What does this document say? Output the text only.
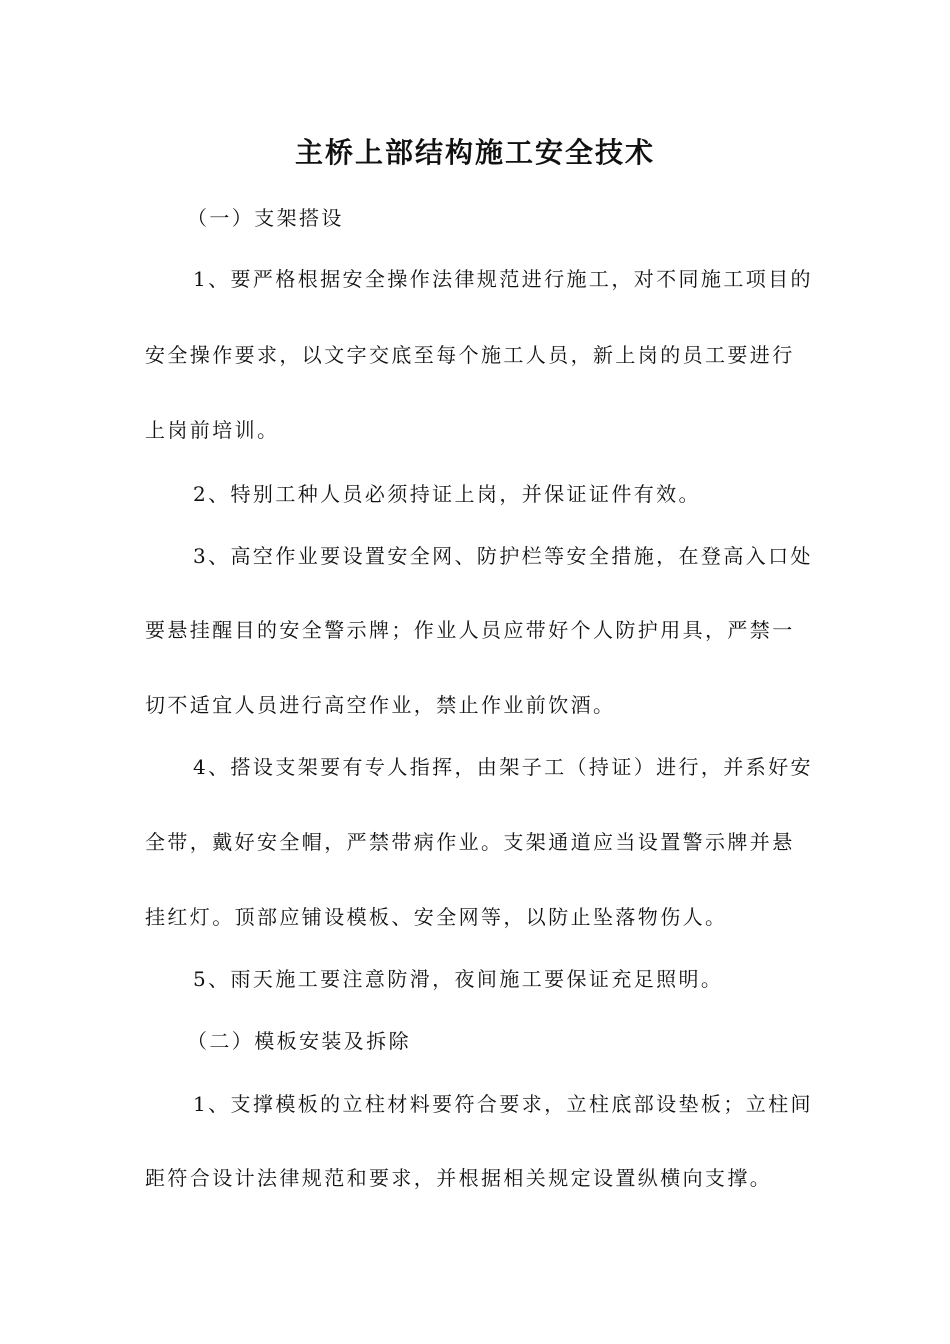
主桥上部结构施工安全技术

（一）支架搭设

1、要严格根据安全操作法律规范进行施工，对不同施工项目的

安全操作要求，以文字交底至每个施工人员，新上岗的员工要进行

上岗前培训。

2、特别工种人员必须持证上岗，并保证证件有效。

3、高空作业要设置安全网、防护栏等安全措施，在登高入口处

要悬挂醒目的安全警示牌；作业人员应带好个人防护用具，严禁一

切不适宜人员进行高空作业，禁止作业前饮酒。

4、搭设支架要有专人指挥，由架子工（持证）进行，并系好安

全带，戴好安全帽，严禁带病作业。支架通道应当设置警示牌并悬

挂红灯。顶部应铺设模板、安全网等，以防止坠落物伤人。

5、雨天施工要注意防滑，夜间施工要保证充足照明。

（二）模板安装及拆除

1、支撑模板的立柱材料要符合要求，立柱底部设垫板；立柱间

距符合设计法律规范和要求，并根据相关规定设置纵横向支撑。
